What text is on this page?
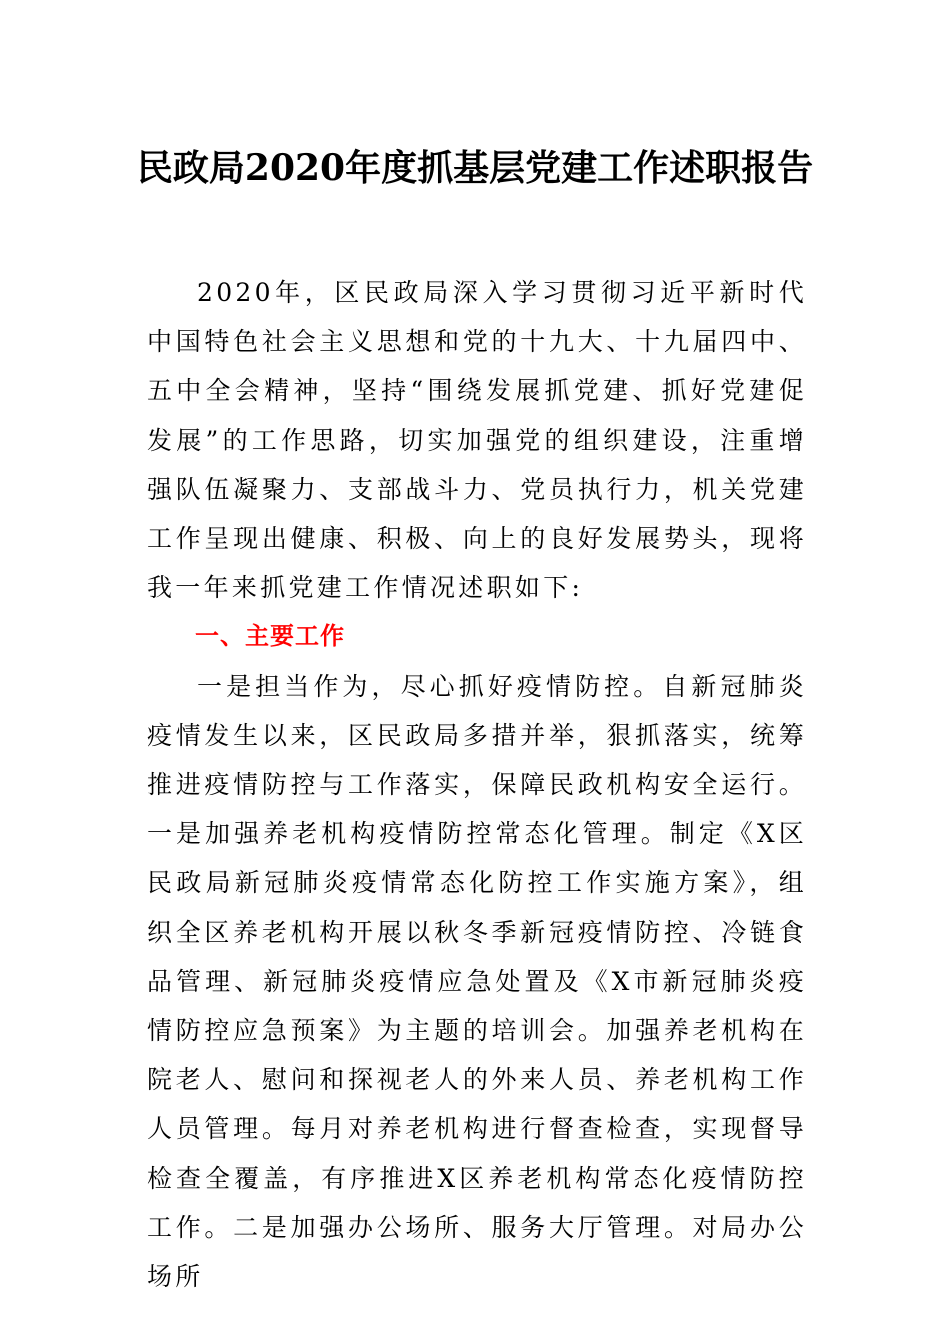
民政局2020年度抓基层党建工作述职报告

2020年，区民政局深入学习贯彻习近平新时代中国特色社会主义思想和党的十九大、十九届四中、五中全会精神，坚持“围绕发展抓党建、抓好党建促发展”的工作思路，切实加强党的组织建设，注重增强队伍凝聚力、支部战斗力、党员执行力，机关党建工作呈现出健康、积极、向上的良好发展势头，现将我一年来抓党建工作情况述职如下:

一、主要工作

一是担当作为，尽心抓好疫情防控。自新冠肺炎疫情发生以来，区民政局多措并举，狠抓落实，统筹推进疫情防控与工作落实，保障民政机构安全运行。一是加强养老机构疫情防控常态化管理。制定《X区民政局新冠肺炎疫情常态化防控工作实施方案》，组织全区养老机构开展以秋冬季新冠疫情防控、冷链食品管理、新冠肺炎疫情应急处置及《X市新冠肺炎疫情防控应急预案》为主题的培训会。加强养老机构在院老人、慰问和探视老人的外来人员、养老机构工作人员管理。每月对养老机构进行督查检查，实现督导检查全覆盖，有序推进X区养老机构常态化疫情防控工作。二是加强办公场所、服务大厅管理。对局办公场所
